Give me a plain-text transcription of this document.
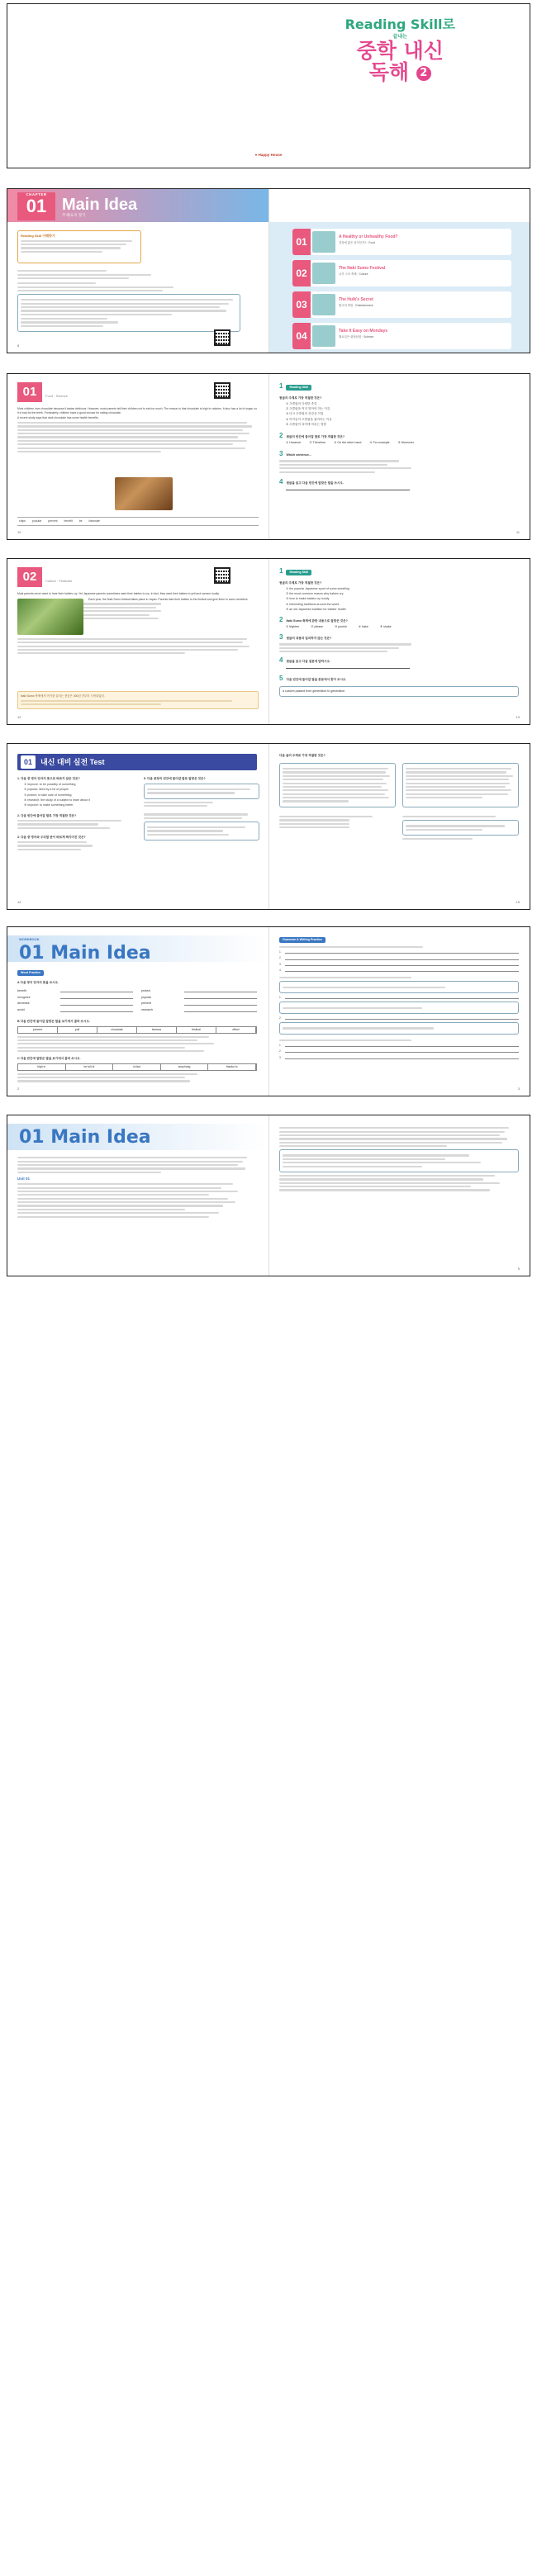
Reading Skill로
끝내는
중학 내신
독해 2
● Happy House
CHAPTER
01 Main Idea
주제/요지 찾기
Reading Skill 이해하기
8
01	A Healthy or Unhealthy Food?
건강에 좋은 음식인가? · Food
02	The Naki Sumo Festival
나키 스모 축제 · Culture
03	The Hulk's Secret
헐크의 비밀 · Entertainment
04	Take It Easy on Mondays
월요일은 쉬엄쉬엄 · Science
01	Food · Science
Most children love chocolate because it tastes delicious. However, most parents tell their children not to eat too much. The reason is that chocolate is high in calories. It also has a lot of sugar, so it is bad for the teeth. Fortunately, children have a good excuse for eating chocolate.
A recent study says that dark chocolate has some health benefits.
chips popular prevent benefit be fortunate
10
1 Reading Skill
윗글의 주제로 가장 적절한 것은?
① 초콜릿의 다양한 종류
② 초콜릿을 먹지 말아야 하는 이유
③ 다크 초콜릿의 건강상 이점
④ 아이들이 초콜릿을 좋아하는 이유
⑤ 초콜릿이 치아에 미치는 영향
2 윗글의 빈칸에 들어갈 말로 가장 적절한 것은?
① However	② Therefore	③ On the other hand	④ For example	⑤ Moreover
3 Which sentence...
4 윗글을 읽고 다음 빈칸에 알맞은 말을 쓰시오.
11
02	Culture · Festivals
Most parents never want to hear their babies cry. Yet Japanese parents sometimes want their babies to cry. In fact, they want their babies to yell and scream loudly.
Each year, the Naki Sumo festival takes place in Japan. Parents take their babies to the festival and give them to sumo wrestlers.
Naki Sumo 축제에서 아기를 울리는 풍습은 400년 전부터 시작되었다.
12
1 Reading Skill
윗글의 주제로 가장 적절한 것은?
① the popular Japanese sport of sumo wrestling
② the most common reason why babies cry
③ how to make babies cry loudly
④ interesting traditions around the world
⑤ an old Japanese tradition for babies' health
2 Naki Sumo 축제에 관한 내용으로 알맞은 것은?
① frighten	② please	③ punish	④ bake	⑤ shake
3 윗글의 내용과 일치하지 않는 것은?
4 윗글을 읽고 다음 질문에 답하시오.
5 다음 빈칸에 들어갈 말을 본문에서 찾아 쓰시오.
a custom passed from generation to generation
13
01	내신 대비 실전 Test
1. 다음 중 영어 단어의 뜻으로 바르지 않은 것은?
① improve: to be possibly of something
② popular: liked by a lot of people
③ protect: to take care of something
④ research: the study of a subject to learn about it
⑤ improve: to make something better
2. 다음 빈칸에 들어갈 말로 가장 적절한 것은?
3. 다음 중 영어와 우리말 뜻이 바르게 짝지어진 것은?
5. 다음 문장의 빈칸에 들어갈 말로 알맞은 것은?
14
다음 글의 주제로 가장 적절한 것은?
15
WORKBOOK
01 Main Idea
Word Practice
A 다음 영어 단어의 뜻을 쓰시오.
benefit
recognize
decrease
avoid
protect
popular
prevent
research
B 다음 빈칸에 들어갈 알맞은 말을 보기에서 골라 쓰시오.
prevent	pull	chocolate	famous	festival	effect
C 다음 빈칸에 알맞은 말을 보기에서 골라 쓰시오.
high in	be full of	in fact	surprising	thanks to
2
Grammar & Writing Practice
1.
2.
3.
4.
1.
2.
1.
2.
3.
3
01 Main Idea
Unit 01
5
